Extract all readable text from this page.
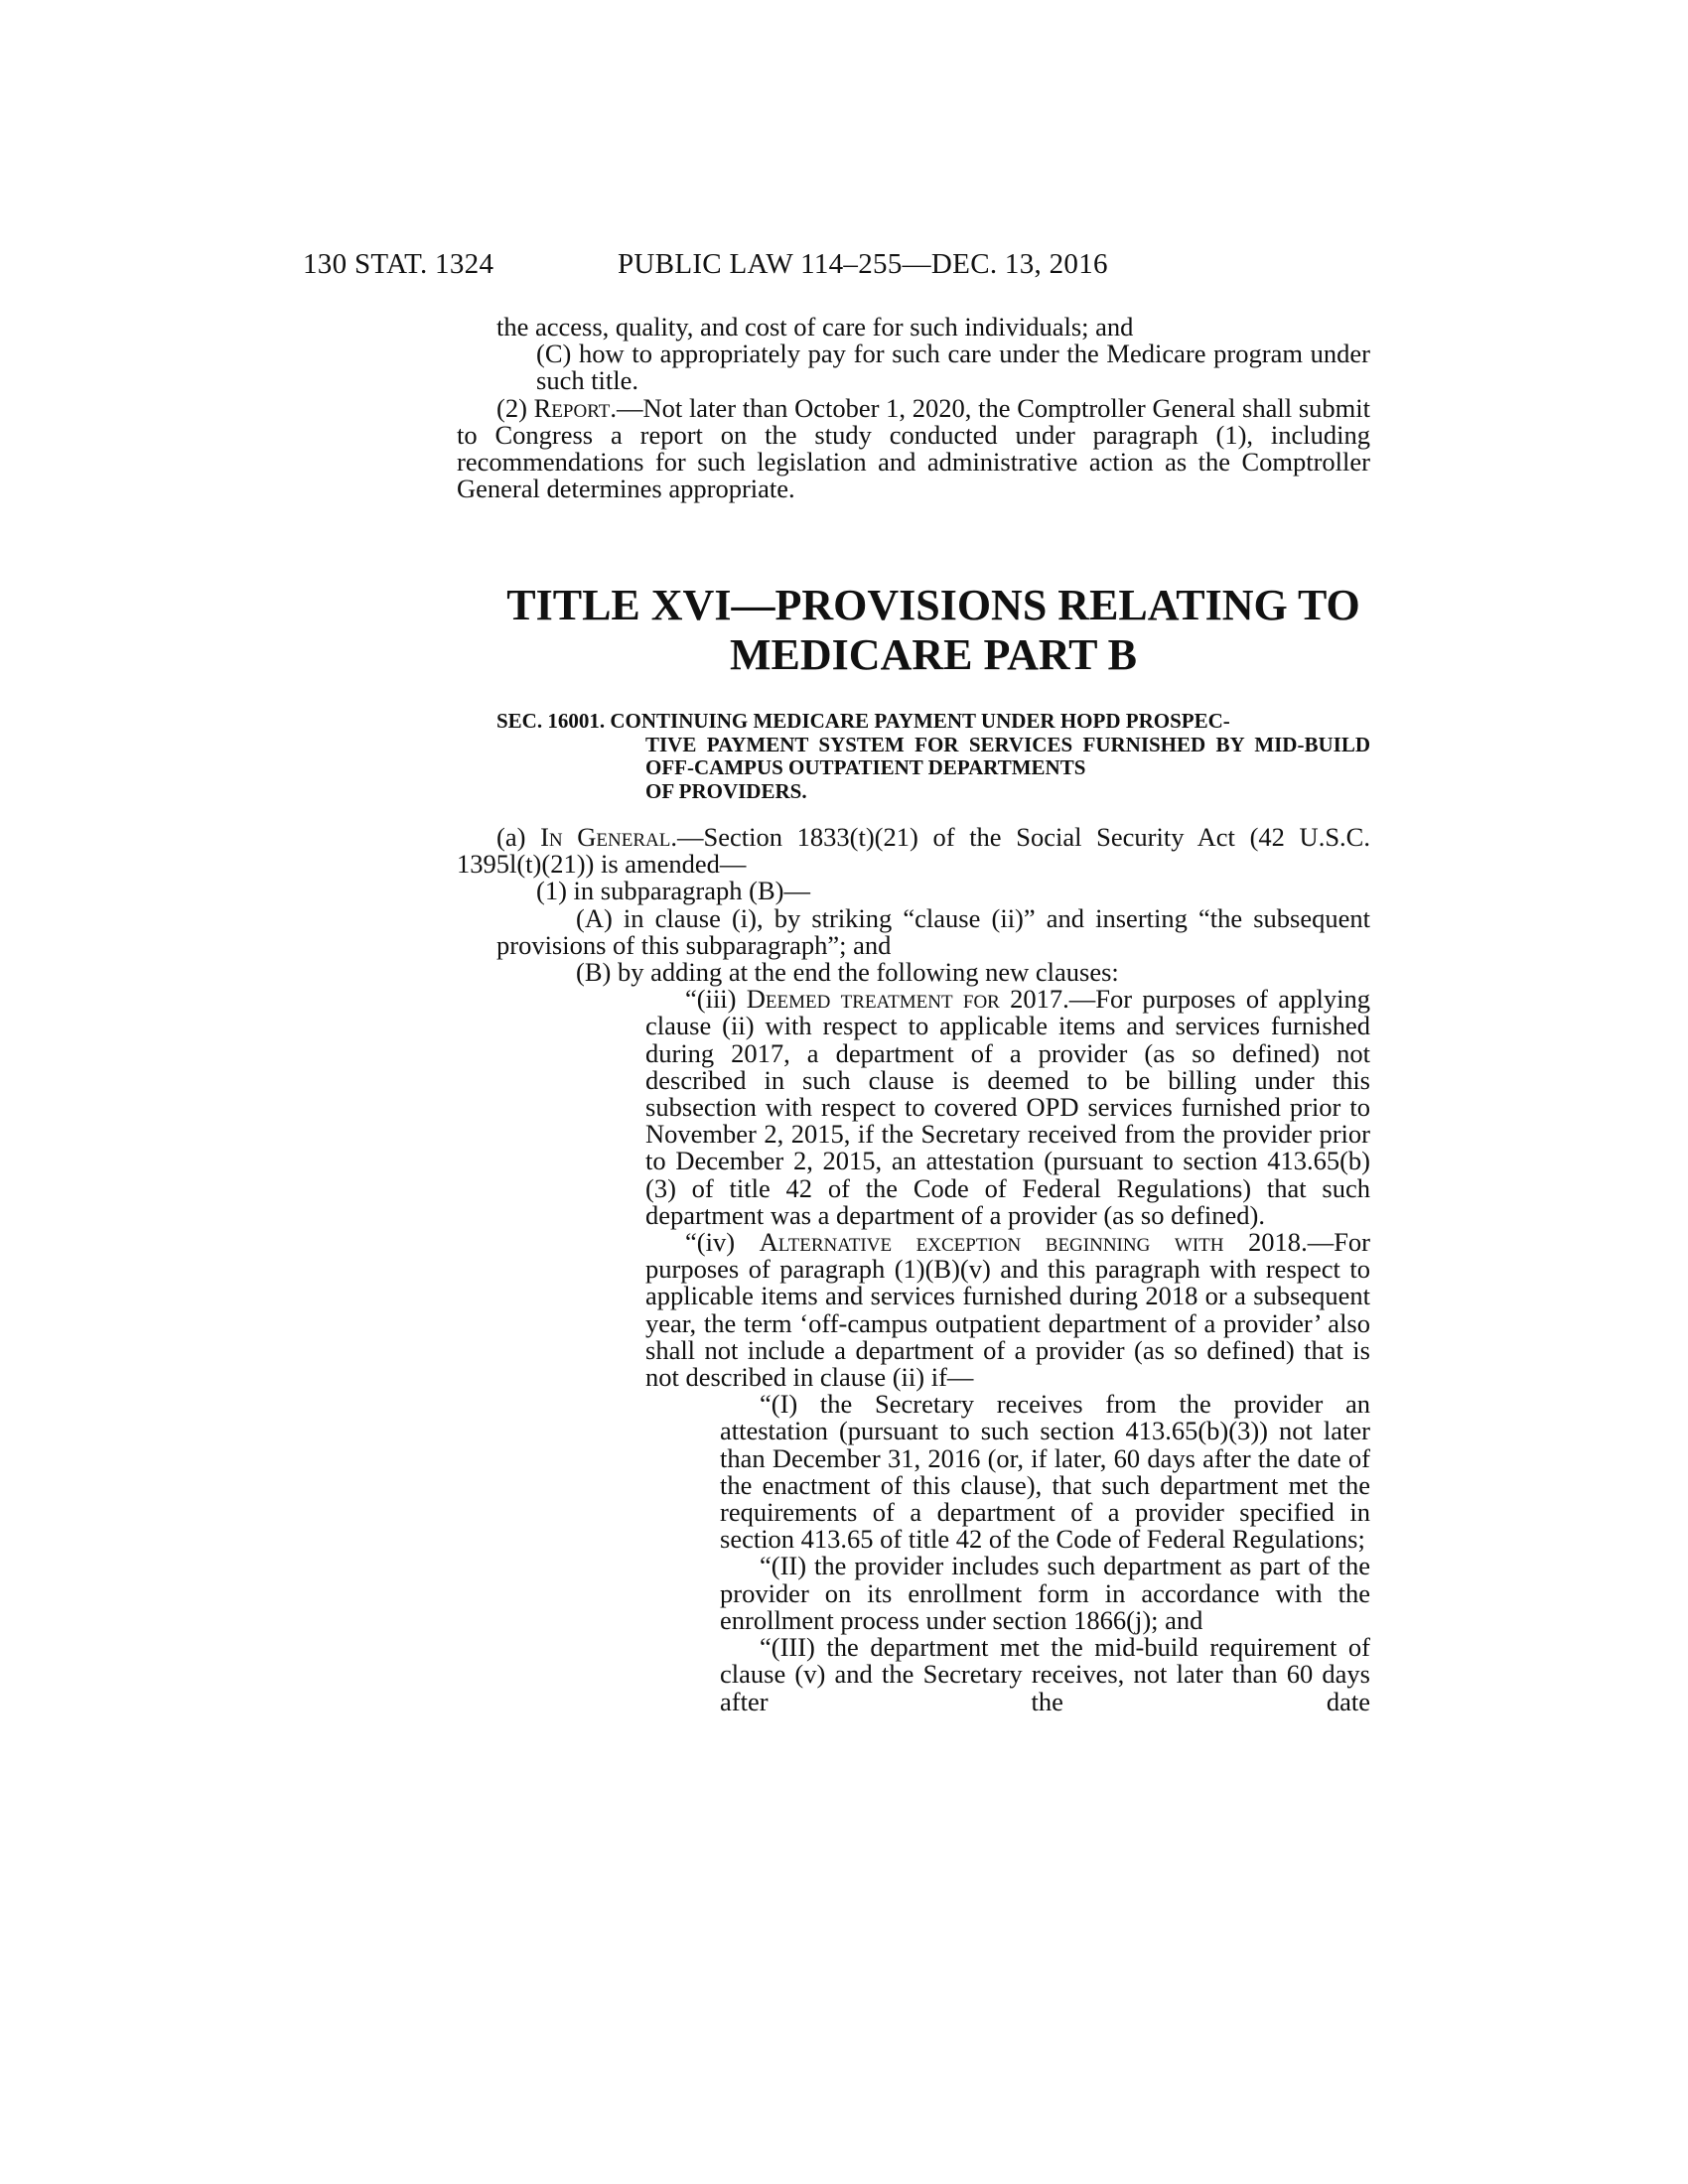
130 STAT. 1324	PUBLIC LAW 114–255—DEC. 13, 2016

the access, quality, and cost of care for such individuals; and

(C) how to appropriately pay for such care under the Medicare program under such title.

(2) Report.—Not later than October 1, 2020, the Comptroller General shall submit to Congress a report on the study conducted under paragraph (1), including recommendations for such legislation and administrative action as the Comptroller General determines appropriate.

TITLE XVI—PROVISIONS RELATING TO
MEDICARE PART B
SEC. 16001. CONTINUING MEDICARE PAYMENT UNDER HOPD PROSPEC-
TIVE PAYMENT SYSTEM FOR SERVICES FURNISHED BY MID-BUILD OFF-CAMPUS OUTPATIENT DEPARTMENTS
OF PROVIDERS.

(a) In General.—Section 1833(t)(21) of the Social Security Act (42 U.S.C. 1395l(t)(21)) is amended—

(1) in subparagraph (B)—

(A) in clause (i), by striking “clause (ii)” and inserting “the subsequent provisions of this subparagraph”; and

(B) by adding at the end the following new clauses:

“(iii) Deemed treatment for 2017.—For purposes of applying clause (ii) with respect to applicable items and services furnished during 2017, a department of a provider (as so defined) not described in such clause is deemed to be billing under this subsection with respect to covered OPD services furnished prior to November 2, 2015, if the Secretary received from the provider prior to December 2, 2015, an attestation (pursuant to section 413.65(b)(3) of title 42 of the Code of Federal Regulations) that such department was a department of a provider (as so defined).

“(iv) Alternative exception beginning with 2018.—For purposes of paragraph (1)(B)(v) and this paragraph with respect to applicable items and services furnished during 2018 or a subsequent year, the term ‘off-campus outpatient department of a provider’ also shall not include a department of a provider (as so defined) that is not described in clause (ii) if—

“(I) the Secretary receives from the provider an attestation (pursuant to such section 413.65(b)(3)) not later than December 31, 2016 (or, if later, 60 days after the date of the enactment of this clause), that such department met the requirements of a department of a provider specified in section 413.65 of title 42 of the Code of Federal Regulations;

“(II) the provider includes such department as part of the provider on its enrollment form in accordance with the enrollment process under section 1866(j); and

“(III) the department met the mid-build requirement of clause (v) and the Secretary receives, not later than 60 days after the date
